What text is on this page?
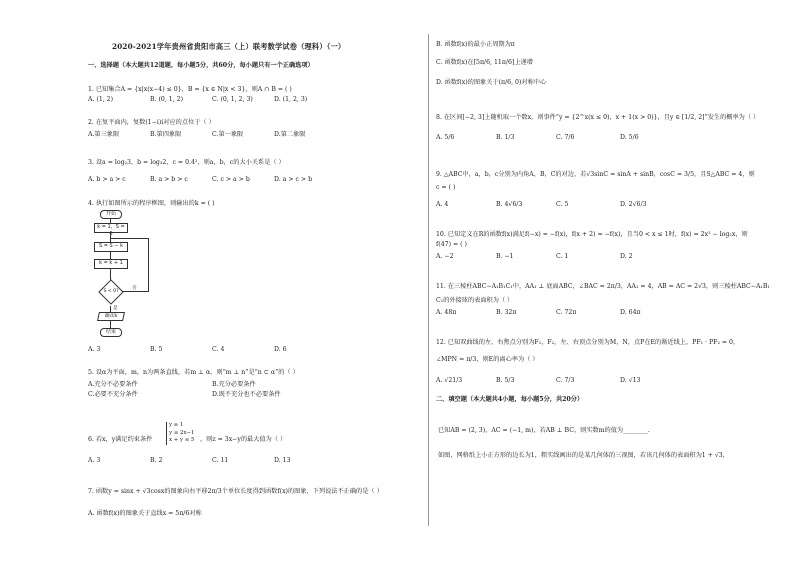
2020-2021学年贵州省贵阳市高三（上）联考数学试卷（理科）（一）
一、选择题（本大题共12道题，每小题5分，共60分，每小题只有一个正确选项）
1. 已知集合A = {x|x(x−4) ≤ 0}，B = {x ∈ N|x < 3}，则A ∩ B = ( )
A. (1, 2)	B. (0, 1, 2)	C. (0, 1, 2, 3)	D. (1, 2, 3)
2. 在复平面内，复数(1−i)i对应的点位于（ ）
A.第三象限	B.第四象限	C.第一象限	D.第二象限
3. 设a = log₂3，b = log₃2，c = 0.4²，则a，b，c的大小关系是（ ）
A. b > a > c	B. a > b > c	C. c > a > b	D. a > c > b
4. 执行如图所示的程序框图，则输出的k = ( )
开始
k = 1，S = 6
S = S − k
k = k + 1
S < 0?
否
是
输出k
结束
A. 3	B. 5	C. 4	D. 6
5. 设α为平面，m，n为两条直线，若m ⊥ α，则“m ⊥ n”是“n ⊂ α”的（ ）
A.充分不必要条件	B.充分必要条件
C.必要不充分条件	D.既不充分也不必要条件
6. 若x，y满足约束条件
y ≥ 1
y ≤ 2x−1
x + y ≤ 5 ，则z = 3x−y的最大值为（ ）
A. 3	B. 2	C. 11	D. 13
7. 函数y = sinx + √3cosx的图象向右平移2π/3个单位长度得到函数f(x)的图象，下列说法不正确的是（ ）
A. 函数f(x)的图象关于直线x = 5π/6对称
B. 函数f(x)的最小正周期为π
C. 函数f(x)在[5π/6, 11π/6]上递增
D. 函数f(x)的图象关于(π/6, 0)对称中心
8. 在区间[−2, 3]上随机取一个数x，则事件“y = {2^x(x ≤ 0)，x + 1(x > 0)}，且y ∈ [1/2, 2]”发生的概率为（ ）
A. 5/6	B. 1/3	C. 7/6	D. 5/6
9. △ABC中，a，b，c分别为内角A，B，C的对边，若√3sinC = sinA + sinB，cosC = 3/5，且S△ABC = 4，则
c = ( )
A. 4	B. 4√6/3	C. 5	D. 2√6/3
10. 已知定义在R的函数f(x)满足f(−x) = −f(x)，f(x + 2) = −f(x)，且当0 < x ≤ 1时，f(x) = 2x² − log₂x，则
f(47) = ( )
A. −2	B. −1	C. 1	D. 2
11. 在三棱柱ABC−A₁B₁C₁中，AA₁ ⊥ 底面ABC，∠BAC = 2π/3，AA₁ = 4，AB = AC = 2√3，则三棱柱ABC−A₁B₁
C₁的外接球的表面积为（ ）
A. 48π	B. 32π	C. 72π	D. 64π
12. 已知双曲线的左、右焦点分别为F₁，F₂，左、右顶点分别为M，N，点P在E的渐近线上，PF₁ · PF₂ = 0，
∠MPN = π/3，则E的离心率为（ ）
A. √21/3	B. 5/3	C. 7/3	D. √13
二、填空题（本大题共4小题，每小题5分，共20分）
已知AB = (2, 3)，AC = (−1, m)，若AB ⊥ BC，则实数m的值为________.
如图，网格纸上小正方形的边长为1，粗实线画出的是某几何体的三视图，若该几何体的表面积为1 + √3，
